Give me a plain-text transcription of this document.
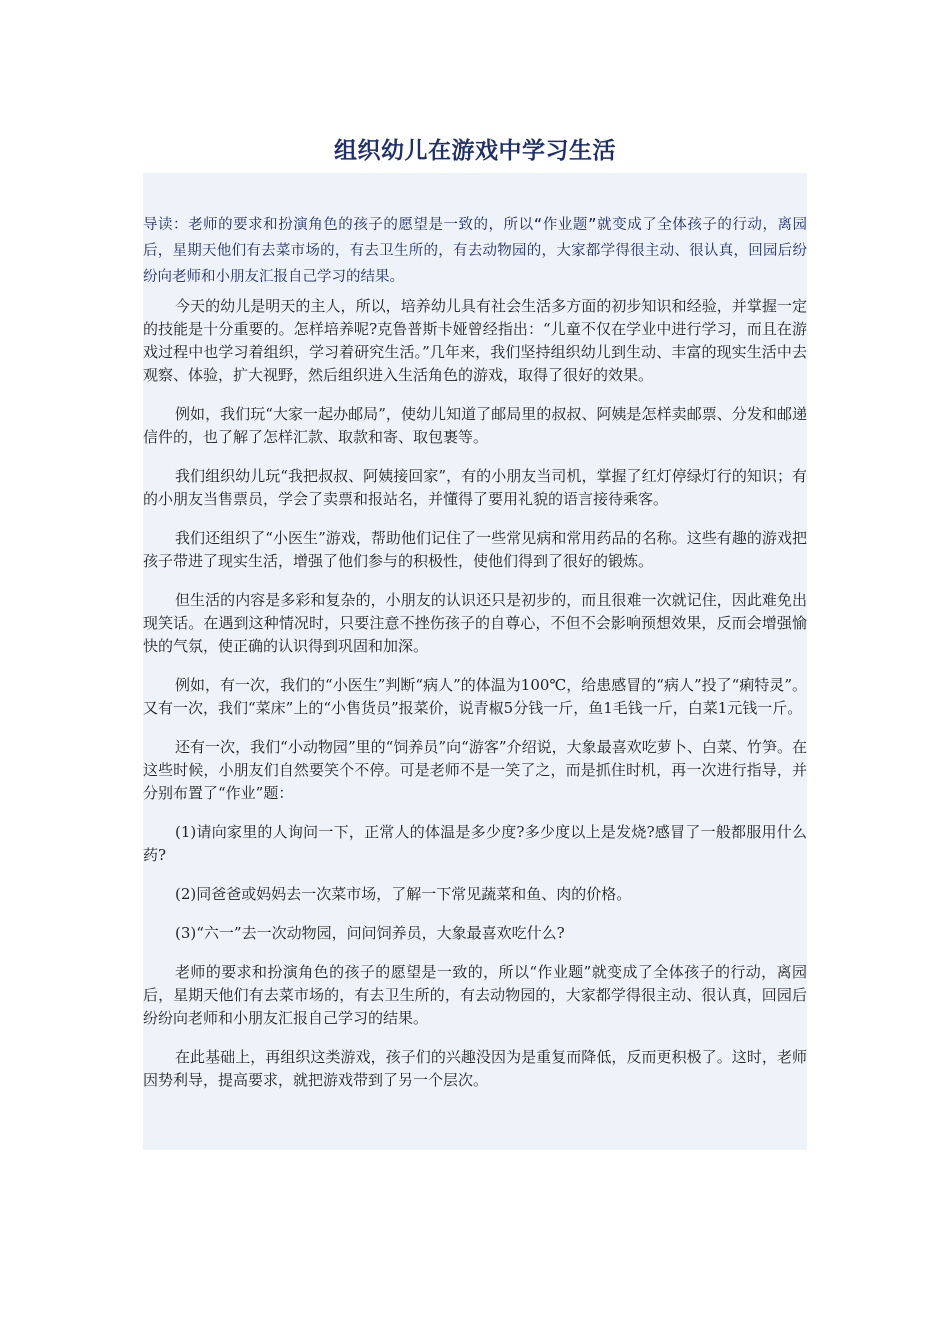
组织幼儿在游戏中学习生活

导读：老师的要求和扮演角色的孩子的愿望是一致的，所以“作业题”就变成了全体孩子的行动，离园后，星期天他们有去菜市场的，有去卫生所的，有去动物园的，大家都学得很主动、很认真，回园后纷纷向老师和小朋友汇报自己学习的结果。

今天的幼儿是明天的主人，所以，培养幼儿具有社会生活多方面的初步知识和经验，并掌握一定的技能是十分重要的。怎样培养呢?克鲁普斯卡娅曾经指出：“儿童不仅在学业中进行学习，而且在游戏过程中也学习着组织，学习着研究生活。”几年来，我们坚持组织幼儿到生动、丰富的现实生活中去观察、体验，扩大视野，然后组织进入生活角色的游戏，取得了很好的效果。

例如，我们玩“大家一起办邮局”，使幼儿知道了邮局里的叔叔、阿姨是怎样卖邮票、分发和邮递信件的，也了解了怎样汇款、取款和寄、取包裹等。

我们组织幼儿玩“我把叔叔、阿姨接回家”，有的小朋友当司机，掌握了红灯停绿灯行的知识；有的小朋友当售票员，学会了卖票和报站名，并懂得了要用礼貌的语言接待乘客。

我们还组织了“小医生”游戏，帮助他们记住了一些常见病和常用药品的名称。这些有趣的游戏把孩子带进了现实生活，增强了他们参与的积极性，使他们得到了很好的锻炼。

但生活的内容是多彩和复杂的，小朋友的认识还只是初步的，而且很难一次就记住，因此难免出现笑话。在遇到这种情况时，只要注意不挫伤孩子的自尊心，不但不会影响预想效果，反而会增强愉快的气氛，使正确的认识得到巩固和加深。

例如，有一次，我们的“小医生”判断“病人”的体温为100℃，给患感冒的“病人”投了“痢特灵”。又有一次，我们“菜床”上的“小售货员”报菜价，说青椒5分钱一斤，鱼1毛钱一斤，白菜1元钱一斤。

还有一次，我们“小动物园”里的“饲养员”向“游客”介绍说，大象最喜欢吃萝卜、白菜、竹笋。在这些时候，小朋友们自然要笑个不停。可是老师不是一笑了之，而是抓住时机，再一次进行指导，并分别布置了“作业”题：

(1)请向家里的人询问一下，正常人的体温是多少度?多少度以上是发烧?感冒了一般都服用什么药?

(2)同爸爸或妈妈去一次菜市场，了解一下常见蔬菜和鱼、肉的价格。

(3)“六一”去一次动物园，问问饲养员，大象最喜欢吃什么?

老师的要求和扮演角色的孩子的愿望是一致的，所以“作业题”就变成了全体孩子的行动，离园后，星期天他们有去菜市场的，有去卫生所的，有去动物园的，大家都学得很主动、很认真，回园后纷纷向老师和小朋友汇报自己学习的结果。

在此基础上，再组织这类游戏，孩子们的兴趣没因为是重复而降低，反而更积极了。这时，老师因势利导，提高要求，就把游戏带到了另一个层次。
